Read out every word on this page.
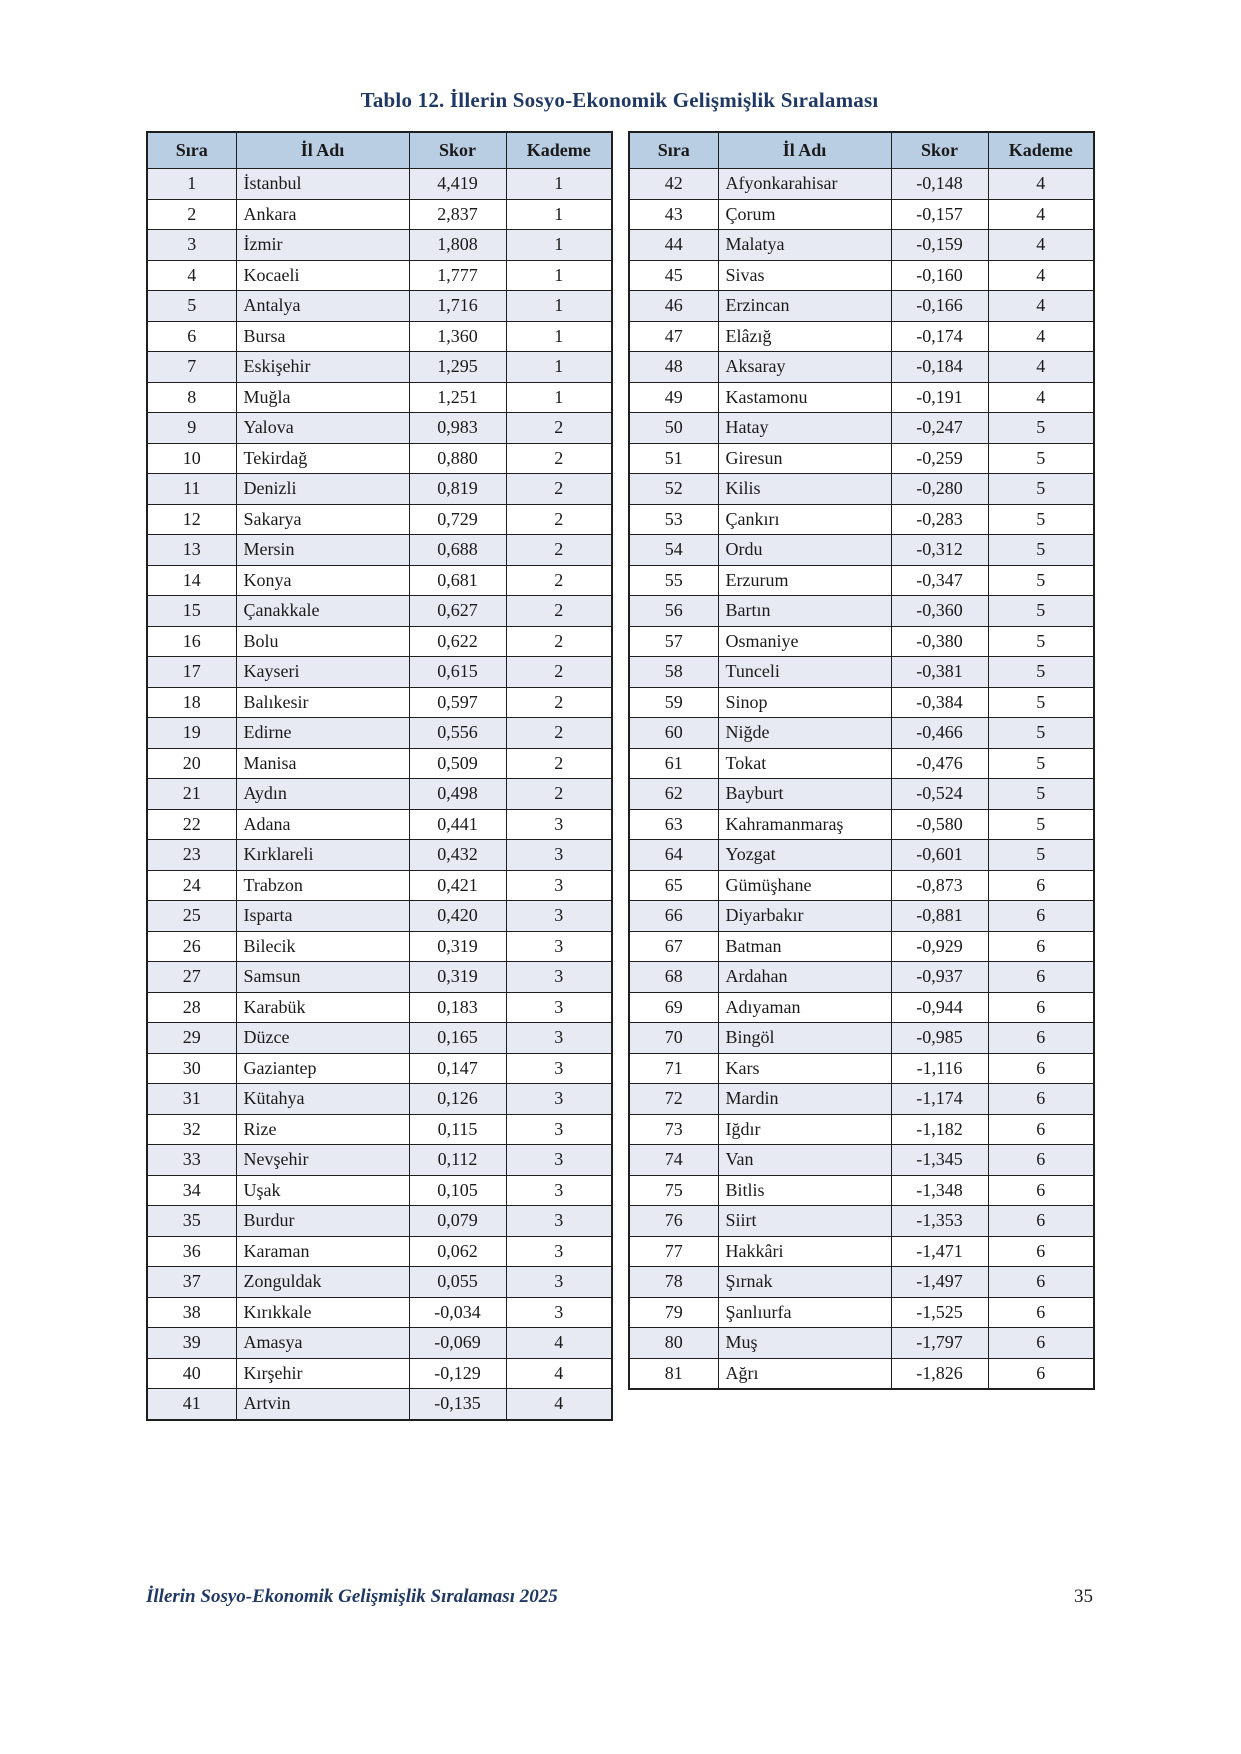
Tablo 12. İllerin Sosyo-Ekonomik Gelişmişlik Sıralaması
Sıra	İl Adı	Skor	Kademe
1	İstanbul	4,419	1
2	Ankara	2,837	1
3	İzmir	1,808	1
4	Kocaeli	1,777	1
5	Antalya	1,716	1
6	Bursa	1,360	1
7	Eskişehir	1,295	1
8	Muğla	1,251	1
9	Yalova	0,983	2
10	Tekirdağ	0,880	2
11	Denizli	0,819	2
12	Sakarya	0,729	2
13	Mersin	0,688	2
14	Konya	0,681	2
15	Çanakkale	0,627	2
16	Bolu	0,622	2
17	Kayseri	0,615	2
18	Balıkesir	0,597	2
19	Edirne	0,556	2
20	Manisa	0,509	2
21	Aydın	0,498	2
22	Adana	0,441	3
23	Kırklareli	0,432	3
24	Trabzon	0,421	3
25	Isparta	0,420	3
26	Bilecik	0,319	3
27	Samsun	0,319	3
28	Karabük	0,183	3
29	Düzce	0,165	3
30	Gaziantep	0,147	3
31	Kütahya	0,126	3
32	Rize	0,115	3
33	Nevşehir	0,112	3
34	Uşak	0,105	3
35	Burdur	0,079	3
36	Karaman	0,062	3
37	Zonguldak	0,055	3
38	Kırıkkale	-0,034	3
39	Amasya	-0,069	4
40	Kırşehir	-0,129	4
41	Artvin	-0,135	4
Sıra	İl Adı	Skor	Kademe
42	Afyonkarahisar	-0,148	4
43	Çorum	-0,157	4
44	Malatya	-0,159	4
45	Sivas	-0,160	4
46	Erzincan	-0,166	4
47	Elâzığ	-0,174	4
48	Aksaray	-0,184	4
49	Kastamonu	-0,191	4
50	Hatay	-0,247	5
51	Giresun	-0,259	5
52	Kilis	-0,280	5
53	Çankırı	-0,283	5
54	Ordu	-0,312	5
55	Erzurum	-0,347	5
56	Bartın	-0,360	5
57	Osmaniye	-0,380	5
58	Tunceli	-0,381	5
59	Sinop	-0,384	5
60	Niğde	-0,466	5
61	Tokat	-0,476	5
62	Bayburt	-0,524	5
63	Kahramanmaraş	-0,580	5
64	Yozgat	-0,601	5
65	Gümüşhane	-0,873	6
66	Diyarbakır	-0,881	6
67	Batman	-0,929	6
68	Ardahan	-0,937	6
69	Adıyaman	-0,944	6
70	Bingöl	-0,985	6
71	Kars	-1,116	6
72	Mardin	-1,174	6
73	Iğdır	-1,182	6
74	Van	-1,345	6
75	Bitlis	-1,348	6
76	Siirt	-1,353	6
77	Hakkâri	-1,471	6
78	Şırnak	-1,497	6
79	Şanlıurfa	-1,525	6
80	Muş	-1,797	6
81	Ağrı	-1,826	6
İllerin Sosyo-Ekonomik Gelişmişlik Sıralaması 2025	35
